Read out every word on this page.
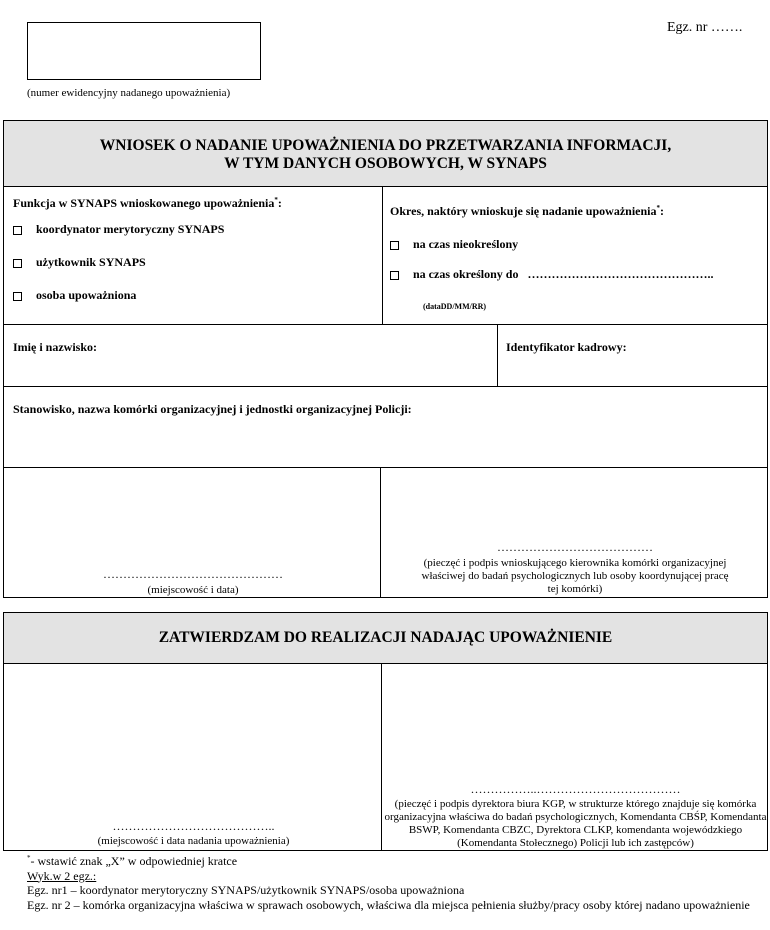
(numer ewidencyjny nadanego upoważnienia)
Egz. nr …….
WNIOSEK O NADANIE UPOWAŻNIENIA DO PRZETWARZANIA INFORMACJI,
W TYM DANYCH OSOBOWYCH, W SYNAPS
Funkcja w SYNAPS wnioskowanego upoważnienia*:
koordynator merytoryczny SYNAPS
użytkownik SYNAPS
osoba upoważniona
Okres, naktóry wnioskuje się nadanie upoważnienia*:
na czas nieokreślony
na czas określony do ………………………………………..
(dataDD/MM/RR)
Imię i nazwisko:	Identyfikator kadrowy:
Stanowisko, nazwa komórki organizacyjnej i jednostki organizacyjnej Policji:
………………………………………
(miejscowość i data)
…………………………………
(pieczęć i podpis wnioskującego kierownika komórki organizacyjnej właściwej do badań psychologicznych lub osoby koordynującej pracę tej komórki)
ZATWIERDZAM DO REALIZACJI NADAJĄC UPOWAŻNIENIE
…………………………………..
(miejscowość i data nadania upoważnienia)
……………..………………………………
(pieczęć i podpis dyrektora biura KGP, w strukturze którego znajduje się komórka organizacyjna właściwa do badań psychologicznych, Komendanta CBŚP, Komendanta BSWP, Komendanta CBZC, Dyrektora CLKP, komendanta wojewódzkiego (Komendanta Stołecznego) Policji lub ich zastępców)
*- wstawić znak „X” w odpowiedniej kratce
Wyk.w 2 egz.:
Egz. nr1 – koordynator merytoryczny SYNAPS/użytkownik SYNAPS/osoba upoważniona
Egz. nr 2 – komórka organizacyjna właściwa w sprawach osobowych, właściwa dla miejsca pełnienia służby/pracy osoby której nadano upoważnienie
